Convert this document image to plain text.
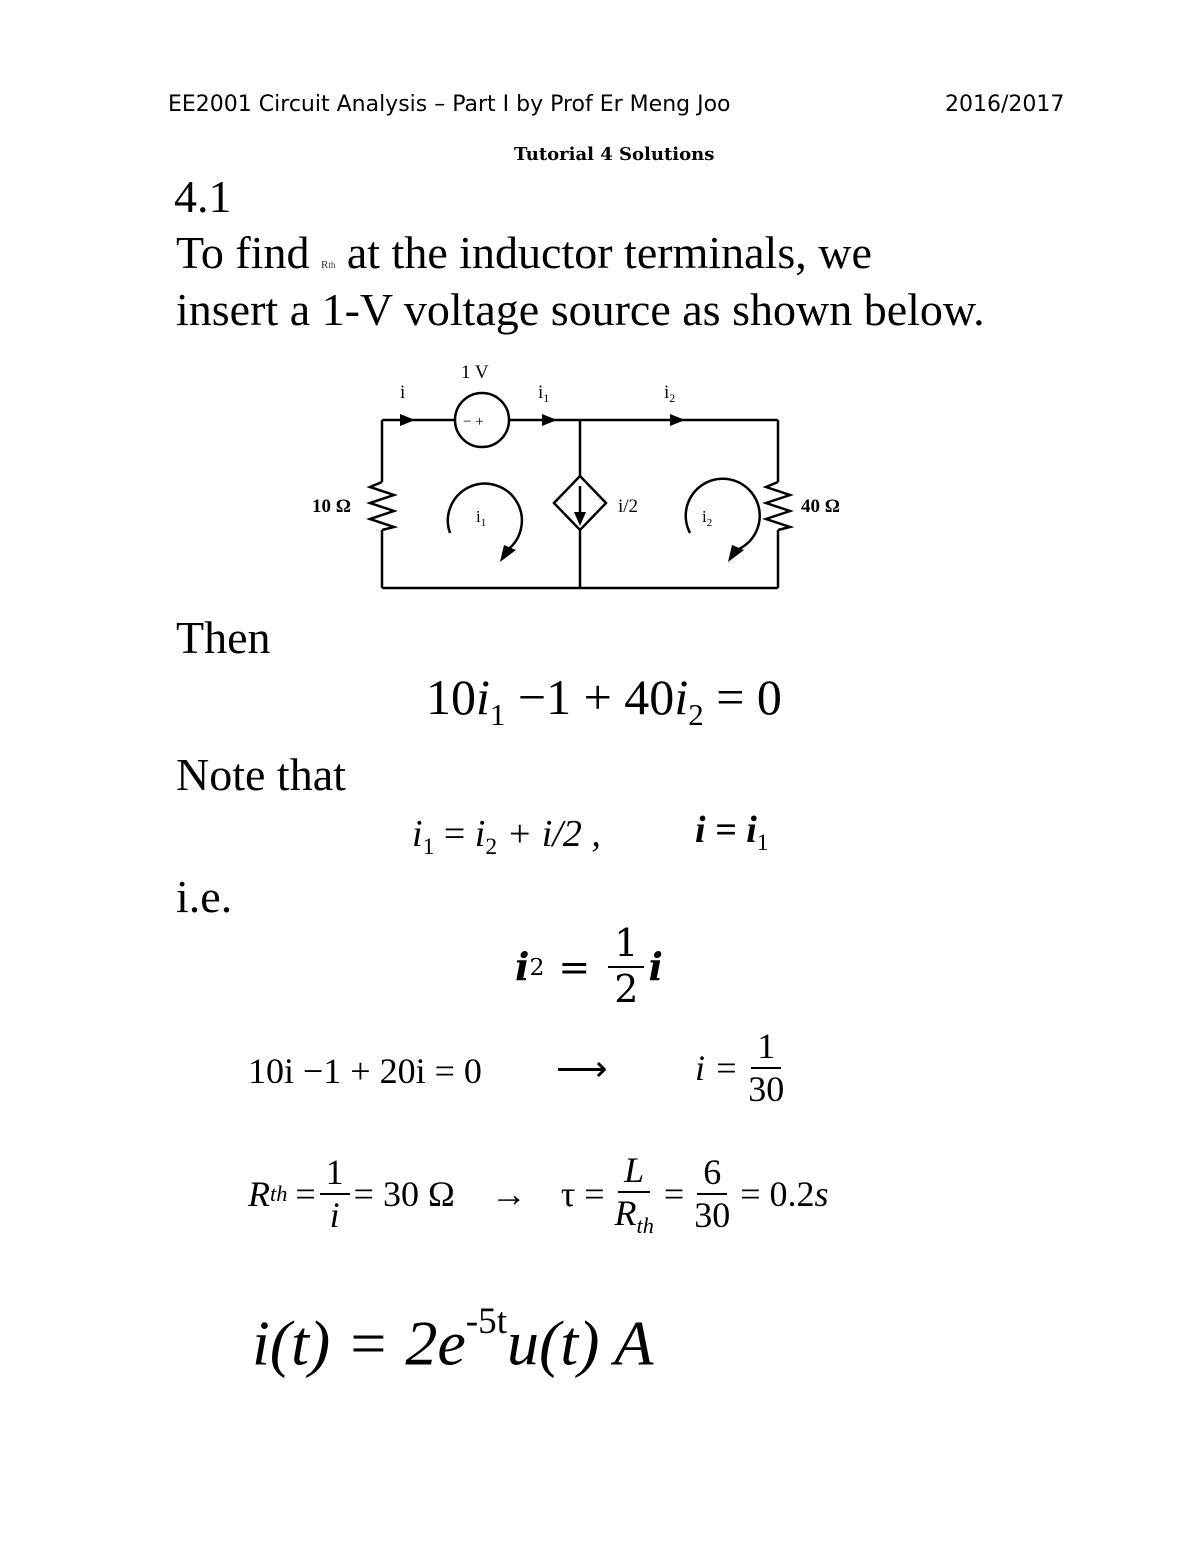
EE2001 Circuit Analysis – Part I by Prof Er Meng Joo	2016/2017
Tutorial 4 Solutions
4.1
To find Rth at the inductor terminals, we
insert a 1-V voltage source as shown below.
1 V
− +
i	$i_1$	$i_2$
10 Ω	40 Ω
i/2
$i_1$	$i_2$
Then
$10i_1 -1 + 40i_2 = 0$
Note that
$i_1 = i_2 + i/2$ , $i = i_1$
i.e.
i $2 = \frac{1}{2}$ i
10i −1 + 20i = 0 ⟶ $i = \frac{1}{30}$
R th = $\frac{1}{i} = 30$ $\Omega \to \tau = \frac{L}{R_{th}} = \frac{6}{30} = 0.2$ s
$i(t) = 2e^{-5t}u(t)$ A
